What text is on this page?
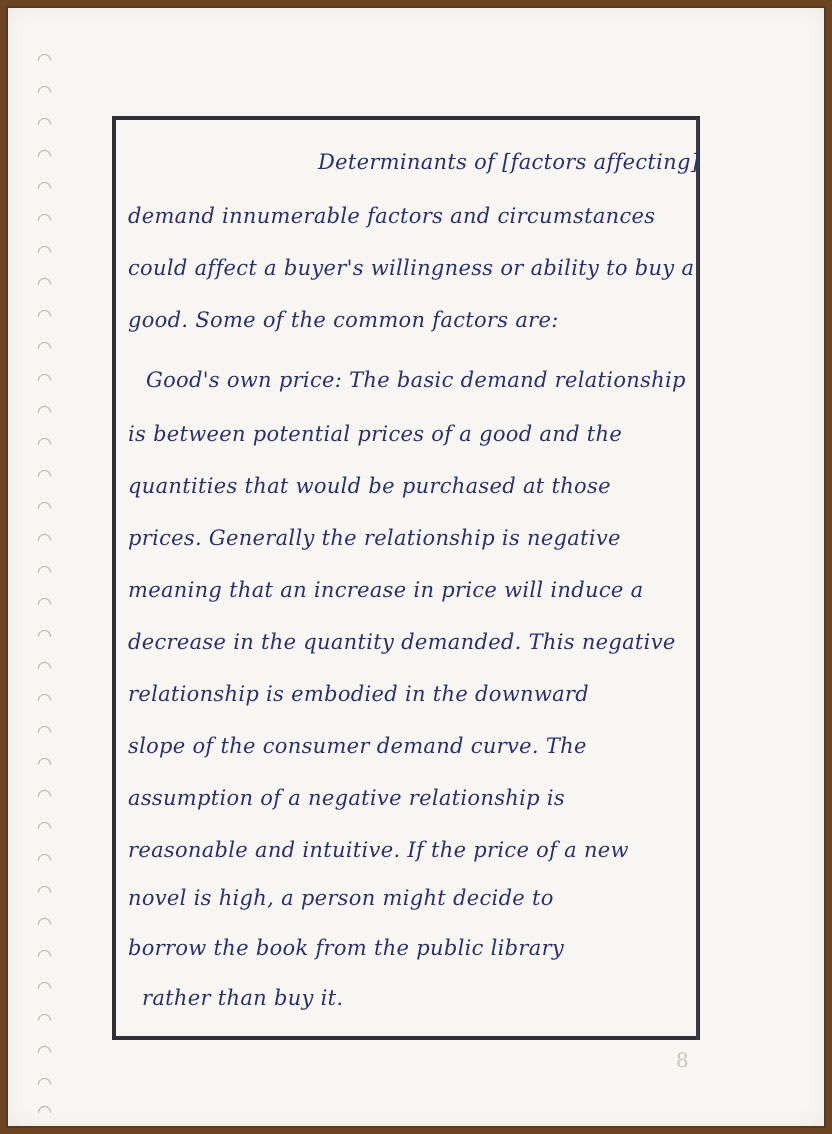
Determinants of [factors affecting]
demand innumerable factors and circumstances
could affect a buyer's willingness or ability to buy a
good. Some of the common factors are:
Good's own price: The basic demand relationship
is between potential prices of a good and the
quantities that would be purchased at those
prices. Generally the relationship is negative
meaning that an increase in price will induce a
decrease in the quantity demanded. This negative
relationship is embodied in the downward
slope of the consumer demand curve. The
assumption of a negative relationship is
reasonable and intuitive. If the price of a new
novel is high, a person might decide to
borrow the book from the public library
rather than buy it.
8
